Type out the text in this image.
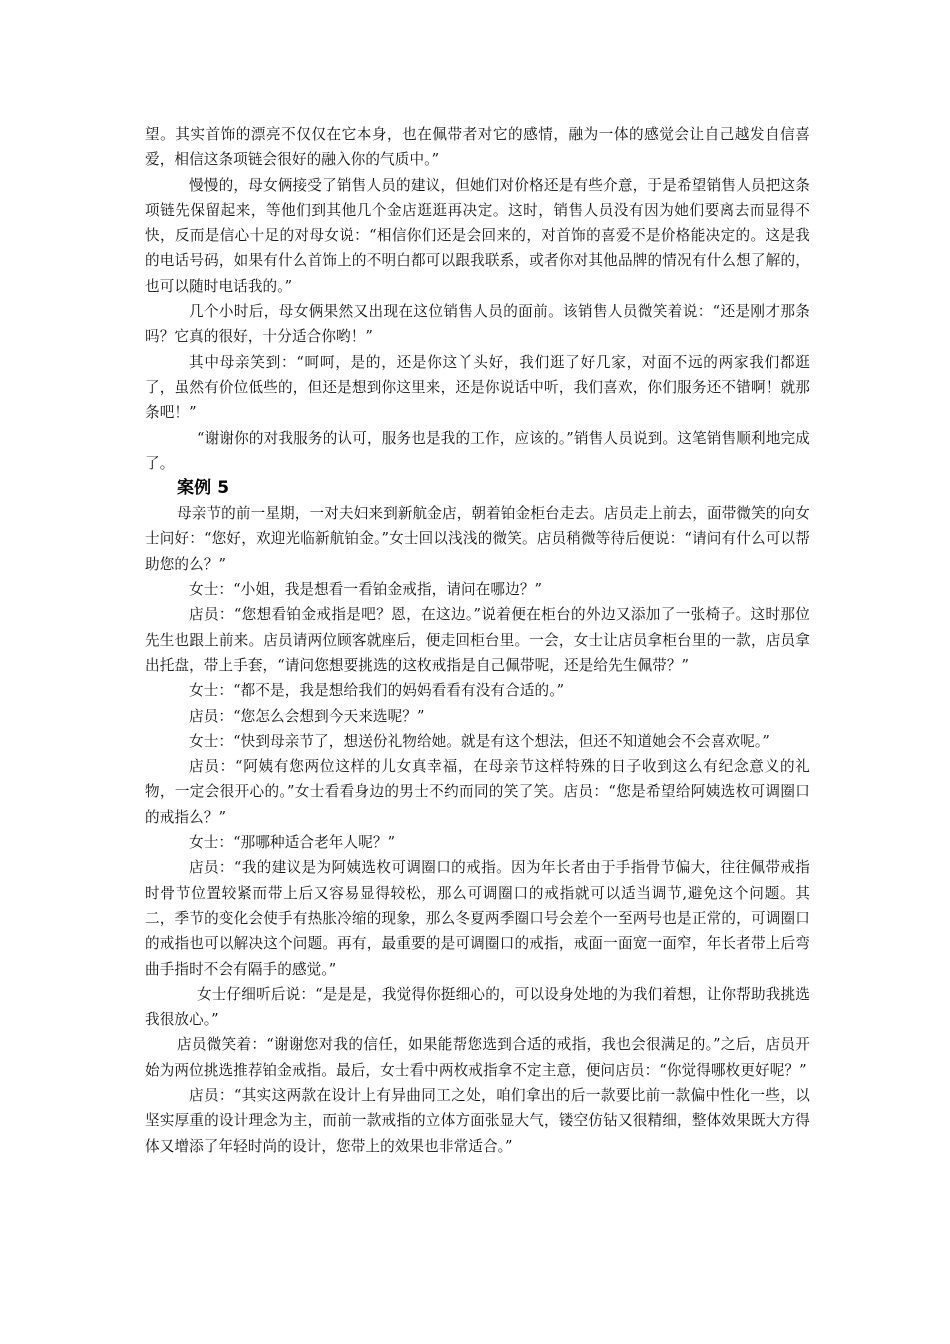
望。其实首饰的漂亮不仅仅在它本身，也在佩带者对它的感情，融为一体的感觉会让自己越发自信喜爱，相信这条项链会很好的融入你的气质中。”

慢慢的，母女俩接受了销售人员的建议，但她们对价格还是有些介意，于是希望销售人员把这条项链先保留起来，等他们到其他几个金店逛逛再决定。这时，销售人员没有因为她们要离去而显得不快，反而是信心十足的对母女说：“相信你们还是会回来的，对首饰的喜爱不是价格能决定的。这是我的电话号码，如果有什么首饰上的不明白都可以跟我联系，或者你对其他品牌的情况有什么想了解的，也可以随时电话我的。”

几个小时后，母女俩果然又出现在这位销售人员的面前。该销售人员微笑着说：“还是刚才那条吗？它真的很好，十分适合你哟！”

其中母亲笑到：“呵呵，是的，还是你这丫头好，我们逛了好几家，对面不远的两家我们都逛了，虽然有价位低些的，但还是想到你这里来，还是你说话中听，我们喜欢，你们服务还不错啊！就那条吧！”

“谢谢你的对我服务的认可，服务也是我的工作，应该的。”销售人员说到。这笔销售顺利地完成了。

案例 5

母亲节的前一星期，一对夫妇来到新航金店，朝着铂金柜台走去。店员走上前去，面带微笑的向女士问好：“您好，欢迎光临新航铂金。”女士回以浅浅的微笑。店员稍微等待后便说：“请问有什么可以帮助您的么？”

女士：“小姐，我是想看一看铂金戒指，请问在哪边？”

店员：“您想看铂金戒指是吧？恩，在这边。”说着便在柜台的外边又添加了一张椅子。这时那位先生也跟上前来。店员请两位顾客就座后，便走回柜台里。一会，女士让店员拿柜台里的一款，店员拿出托盘，带上手套，“请问您想要挑选的这枚戒指是自己佩带呢，还是给先生佩带？”

女士：“都不是，我是想给我们的妈妈看看有没有合适的。”

店员：“您怎么会想到今天来选呢？”

女士：“快到母亲节了，想送份礼物给她。就是有这个想法，但还不知道她会不会喜欢呢。”

店员：“阿姨有您两位这样的儿女真幸福，在母亲节这样特殊的日子收到这么有纪念意义的礼物，一定会很开心的。”女士看看身边的男士不约而同的笑了笑。店员：“您是希望给阿姨选枚可调圈口的戒指么？”

女士：“那哪种适合老年人呢？”

店员：“我的建议是为阿姨选枚可调圈口的戒指。因为年长者由于手指骨节偏大，往往佩带戒指时骨节位置较紧而带上后又容易显得较松，那么可调圈口的戒指就可以适当调节,避免这个问题。其二，季节的变化会使手有热胀冷缩的现象，那么冬夏两季圈口号会差个一至两号也是正常的，可调圈口的戒指也可以解决这个问题。再有，最重要的是可调圈口的戒指，戒面一面宽一面窄，年长者带上后弯曲手指时不会有隔手的感觉。”

女士仔细听后说：“是是是，我觉得你挺细心的，可以设身处地的为我们着想，让你帮助我挑选我很放心。”

店员微笑着：“谢谢您对我的信任，如果能帮您选到合适的戒指，我也会很满足的。”之后，店员开始为两位挑选推荐铂金戒指。最后，女士看中两枚戒指拿不定主意，便问店员：“你觉得哪枚更好呢？”

店员：“其实这两款在设计上有异曲同工之处，咱们拿出的后一款要比前一款偏中性化一些，以坚实厚重的设计理念为主，而前一款戒指的立体方面张显大气，镂空仿钻又很精细，整体效果既大方得体又增添了年轻时尚的设计，您带上的效果也非常适合。”
